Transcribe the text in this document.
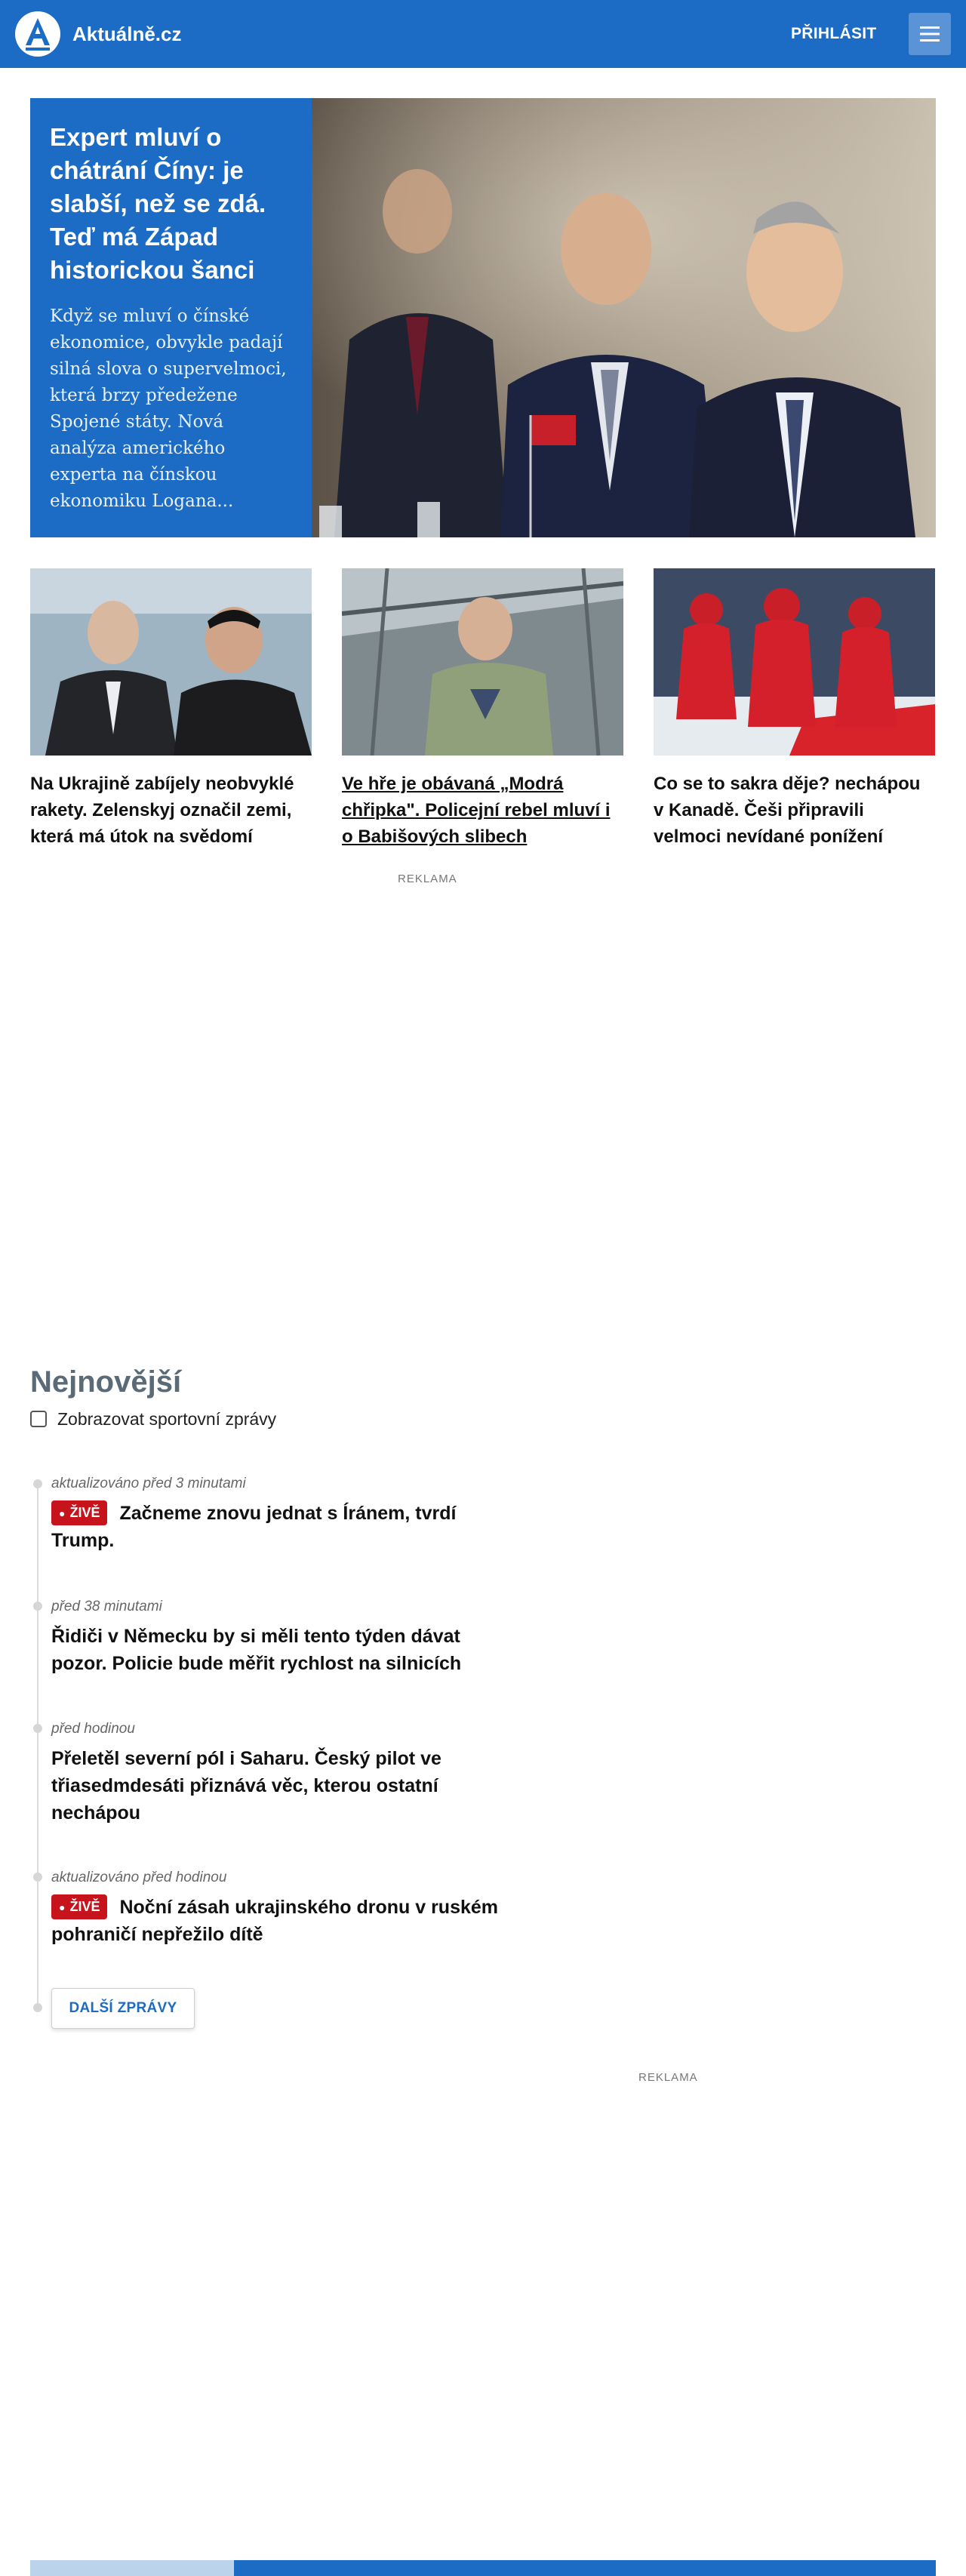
Aktuálně.cz	PŘIHLÁSIT
Expert mluví o chátrání Číny: je slabší, než se zdá. Teď má Západ historickou šanci

Když se mluví o čínské ekonomice, obvykle padají silná slova o supervelmoci, která brzy předežene Spojené státy. Nová analýza amerického experta na čínskou ekonomiku Logana...

Na Ukrajině zabíjely neobvyklé rakety. Zelenskyj označil zemi, která má útok na svědomí
Ve hře je obávaná „Modrá chřipka". Policejní rebel mluví i o Babišových slibech
Co se to sakra děje? nechápou v Kanadě. Češi připravili velmoci nevídané ponížení
REKLAMA
Nejnovější
Zobrazovat sportovní zprávy
aktualizováno před 3 minutami
● ŽIVĚ Začneme znovu jednat s Íránem, tvrdí Trump.
před 38 minutami
Řidiči v Německu by si měli tento týden dávat pozor. Policie bude měřit rychlost na silnicích
před hodinou
Přeletěl severní pól i Saharu. Český pilot ve třiasedmdesáti přiznává věc, kterou ostatní nechápou
aktualizováno před hodinou
● ŽIVĚ Noční zásah ukrajinského dronu v ruském pohraničí nepřežilo dítě
DALŠÍ ZPRÁVY
REKLAMA
